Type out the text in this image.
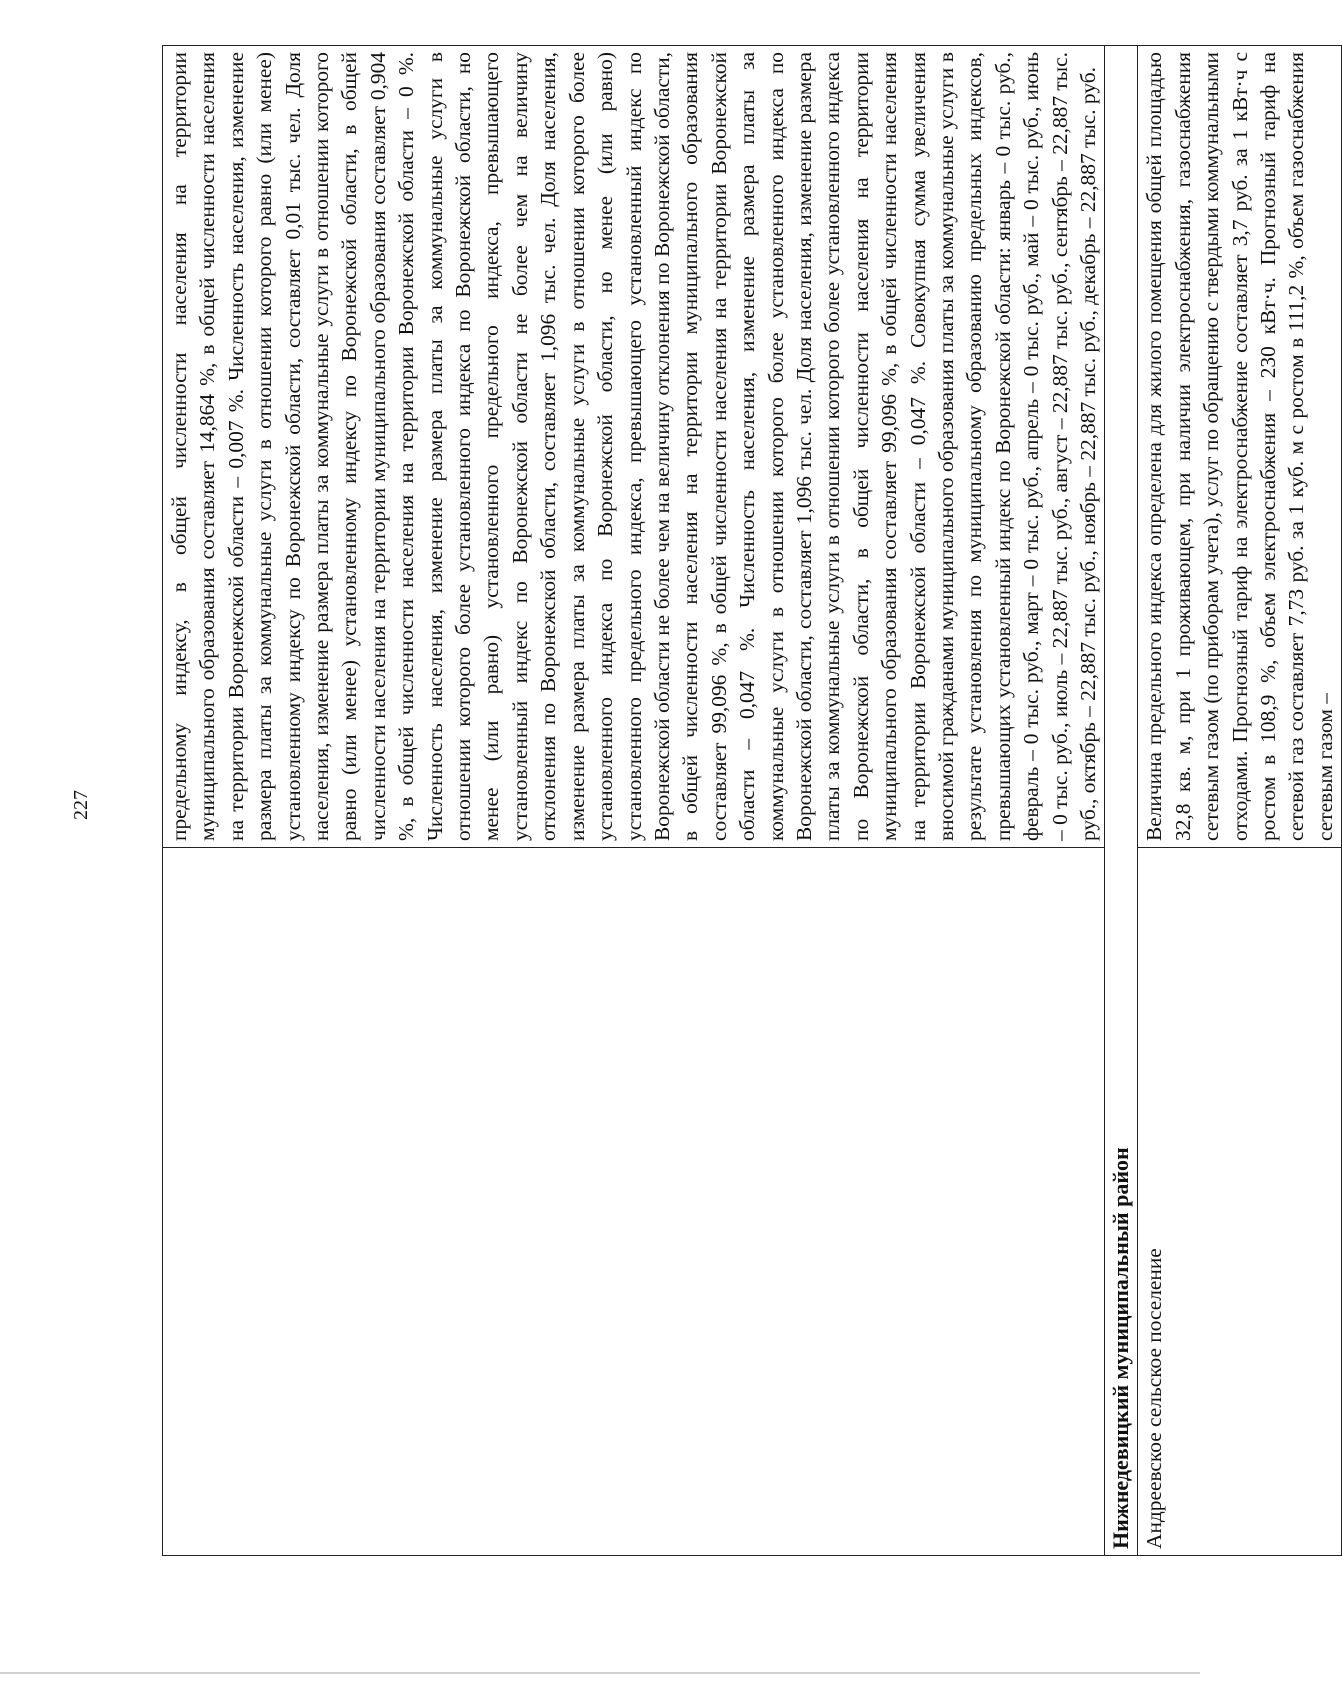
227

	предельному индексу, в общей численности населения на территории муниципального образования составляет 14,864 %, в общей численности населения на территории Воронежской области – 0,007 %. Численность населения, изменение размера платы за коммунальные услуги в отношении которого равно (или менее) установленному индексу по Воронежской области, составляет 0,01 тыс. чел. Доля населения, изменение размера платы за коммунальные услуги в отношении которого равно (или менее) установленному индексу по Воронежской области, в общей численности населения на территории муниципального образования составляет 0,904 %, в общей численности населения на территории Воронежской области – 0 %. Численность населения, изменение размера платы за коммунальные услуги в отношении которого более установленного индекса по Воронежской области, но менее (или равно) установленного предельного индекса, превышающего установленный индекс по Воронежской области не более чем на величину отклонения по Воронежской области, составляет 1,096 тыс. чел. Доля населения, изменение размера платы за коммунальные услуги в отношении которого более установленного индекса по Воронежской области, но менее (или равно) установленного предельного индекса, превышающего установленный индекс по Воронежской области не более чем на величину отклонения по Воронежской области, в общей численности населения на территории муниципального образования составляет 99,096 %, в общей численности населения на территории Воронежской области – 0,047 %. Численность населения, изменение размера платы за коммунальные услуги в отношении которого более установленного индекса по Воронежской области, составляет 1,096 тыс. чел. Доля населения, изменение размера платы за коммунальные услуги в отношении которого более установленного индекса по Воронежской области, в общей численности населения на территории муниципального образования составляет 99,096 %, в общей численности населения на территории Воронежской области – 0,047 %. Совокупная сумма увеличения вносимой гражданами муниципального образования платы за коммунальные услуги в результате установления по муниципальному образованию предельных индексов, превышающих установленный индекс по Воронежской области: январь – 0 тыс. руб., февраль – 0 тыс. руб., март – 0 тыс. руб., апрель – 0 тыс. руб., май – 0 тыс. руб., июнь – 0 тыс. руб., июль – 22,887 тыс. руб., август – 22,887 тыс. руб., сентябрь – 22,887 тыс. руб., октябрь – 22,887 тыс. руб., ноябрь – 22,887 тыс. руб., декабрь – 22,887 тыс. руб.

Нижнедевицкий муниципальный район	
Андреевское сельское поселение	Величина предельного индекса определена для жилого помещения общей площадью 32,8 кв. м, при 1 проживающем, при наличии электроснабжения, газоснабжения сетевым газом (по приборам учета), услуг по обращению с твердыми коммунальными отходами. Прогнозный тариф на электроснабжение составляет 3,7 руб. за 1 кВт·ч с ростом в 108,9 %, объем электроснабжения – 230 кВт·ч. Прогнозный тариф на сетевой газ составляет 7,73 руб. за 1 куб. м с ростом в 111,2 %, объем газоснабжения сетевым газом –
